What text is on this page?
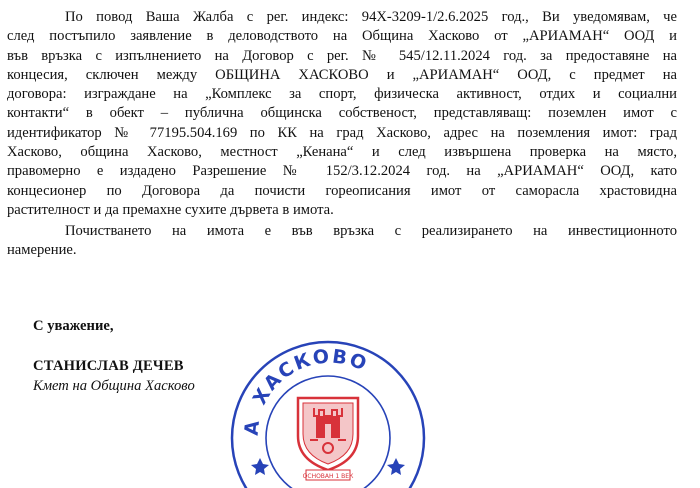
По повод Ваша Жалба с рег. индекс: 94Х-3209-1/2.6.2025 год., Ви уведомявам, че
след постъпило заявление в деловодството на Община Хасково от „АРИАМАН“ ООД и
във връзка с изпълнението на Договор с рег. № 545/12.11.2024 год. за предоставяне на
концесия, сключен между ОБЩИНА ХАСКОВО и „АРИАМАН“ ООД, с предмет на
договора: изграждане на „Комплекс за спорт, физическа активност, отдих и социални
контакти“ в обект – публична общинска собственост, представляващ: поземлен имот с
идентификатор № 77195.504.169 по КК на град Хасково, адрес на поземления имот: град
Хасково, община Хасково, местност „Кенана“ и след извършена проверка на място,
правомерно е издадено Разрешение № 152/3.12.2024 год. на „АРИАМАН“ ООД, като
концесионер по Договора да почисти гореописания имот от саморасла храстовидна
растителност и да премахне сухите дървета в имота.
Почистването на имота е във връзка с реализирането на инвестиционното
намерение.
С уважение,
СТАНИСЛАВ ДЕЧЕВ
Кмет на Община Хасково
АХАСКОВО
ОСНОВАН 1 ВЕК
